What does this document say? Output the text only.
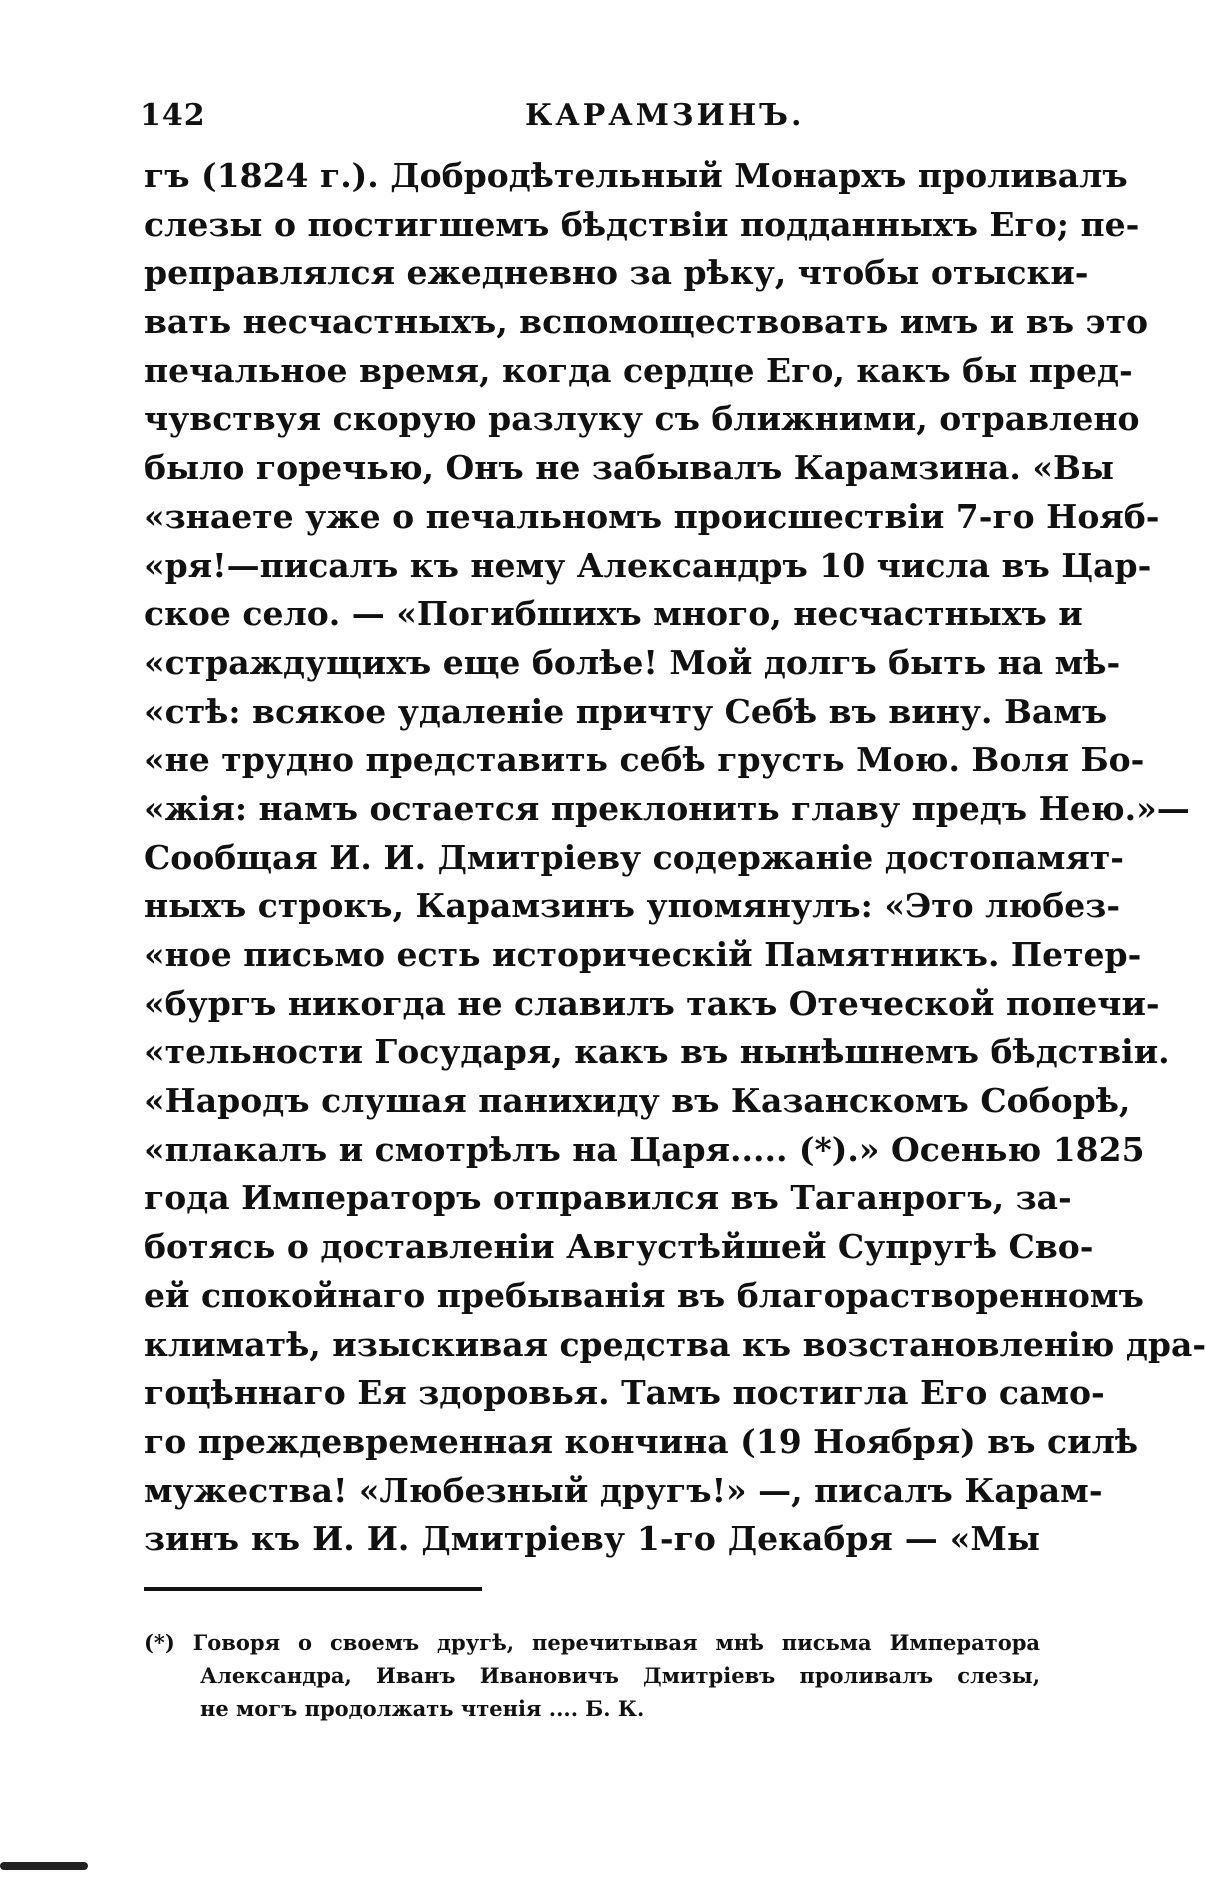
142	КАРАМЗИНЪ.
гъ (1824 г.). Добродѣтельный Монархъ проливалъ
слезы о постигшемъ бѣдствіи подданныхъ Его; пе-
реправлялся ежедневно за рѣку, чтобы отыски-
вать несчастныхъ, вспомоществовать имъ и въ это
печальное время, когда сердце Его, какъ бы пред-
чувствуя скорую разлуку съ ближними, отравлено
было горечью, Онъ не забывалъ Карамзина. «Вы
«знаете уже о печальномъ происшествіи 7-го Нояб-
«ря!—писалъ къ нему Александръ 10 числа въ Цар-
ское село. — «Погибшихъ много, несчастныхъ и
«страждущихъ еще болѣе! Мой долгъ быть на мѣ-
«стѣ: всякое удаленіе причту Себѣ въ вину. Вамъ
«не трудно представить себѣ грусть Мою. Воля Бо-
«жія: намъ остается преклонить главу предъ Нею.»—
Сообщая И. И. Дмитріеву содержаніе достопамят-
ныхъ строкъ, Карамзинъ упомянулъ: «Это любез-
«ное письмо есть историческій Памятникъ. Петер-
«бургъ никогда не славилъ такъ Отеческой попечи-
«тельности Государя, какъ въ нынѣшнемъ бѣдствіи.
«Народъ слушая панихиду въ Казанскомъ Соборѣ,
«плакалъ и смотрѣлъ на Царя..... (*).» Осенью 1825
года Императоръ отправился въ Таганрогъ, за-
ботясь о доставленіи Августѣйшей Супругѣ Сво-
ей спокойнаго пребыванія въ благорастворенномъ
климатѣ, изыскивая средства къ возстановленію дра-
гоцѣннаго Ея здоровья. Тамъ постигла Его само-
го преждевременная кончина (19 Ноября) въ силѣ
мужества! «Любезный другъ!» —, писалъ Карам-
зинъ къ И. И. Дмитріеву 1-го Декабря — «Мы
(*) Говоря о своемъ другѣ, перечитывая мнѣ письма Императора
Александра, Иванъ Ивановичъ Дмитріевъ проливалъ слезы,
не могъ продолжать чтенія .... Б. К.
